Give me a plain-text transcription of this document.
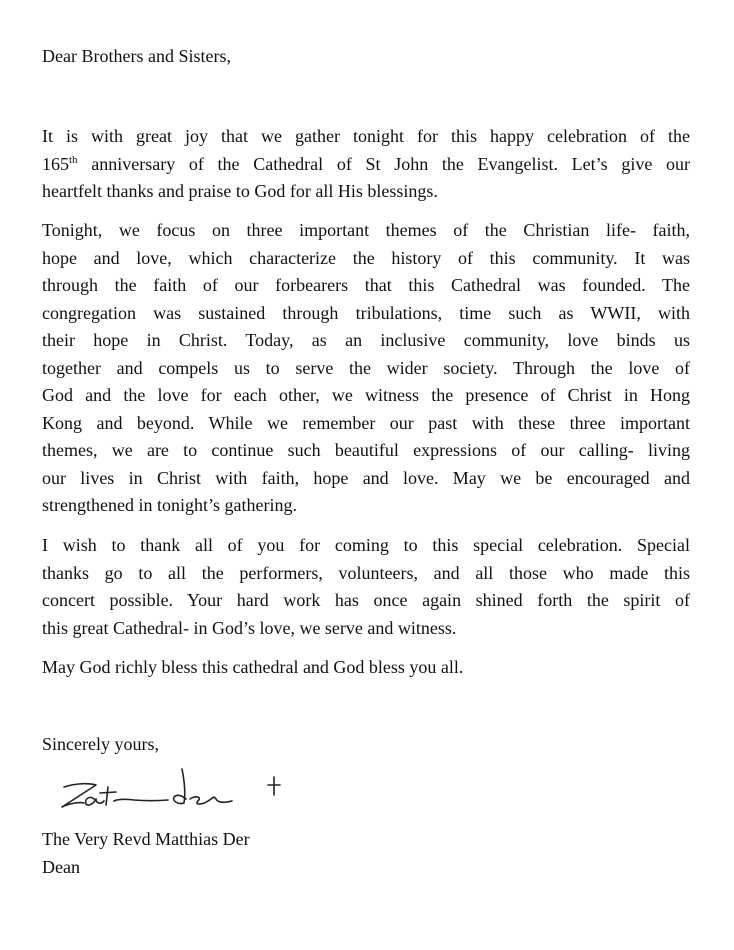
Dear Brothers and Sisters,
It is with great joy that we gather tonight for this happy celebration of the
165th anniversary of the Cathedral of St John the Evangelist. Let’s give our
heartfelt thanks and praise to God for all His blessings.
Tonight, we focus on three important themes of the Christian life- faith,
hope and love, which characterize the history of this community. It was
through the faith of our forbearers that this Cathedral was founded. The
congregation was sustained through tribulations, time such as WWII, with
their hope in Christ. Today, as an inclusive community, love binds us
together and compels us to serve the wider society. Through the love of
God and the love for each other, we witness the presence of Christ in Hong
Kong and beyond. While we remember our past with these three important
themes, we are to continue such beautiful expressions of our calling- living
our lives in Christ with faith, hope and love. May we be encouraged and
strengthened in tonight’s gathering.
I wish to thank all of you for coming to this special celebration. Special
thanks go to all the performers, volunteers, and all those who made this
concert possible. Your hard work has once again shined forth the spirit of
this great Cathedral- in God’s love, we serve and witness.
May God richly bless this cathedral and God bless you all.
Sincerely yours,
The Very Revd Matthias Der
Dean
